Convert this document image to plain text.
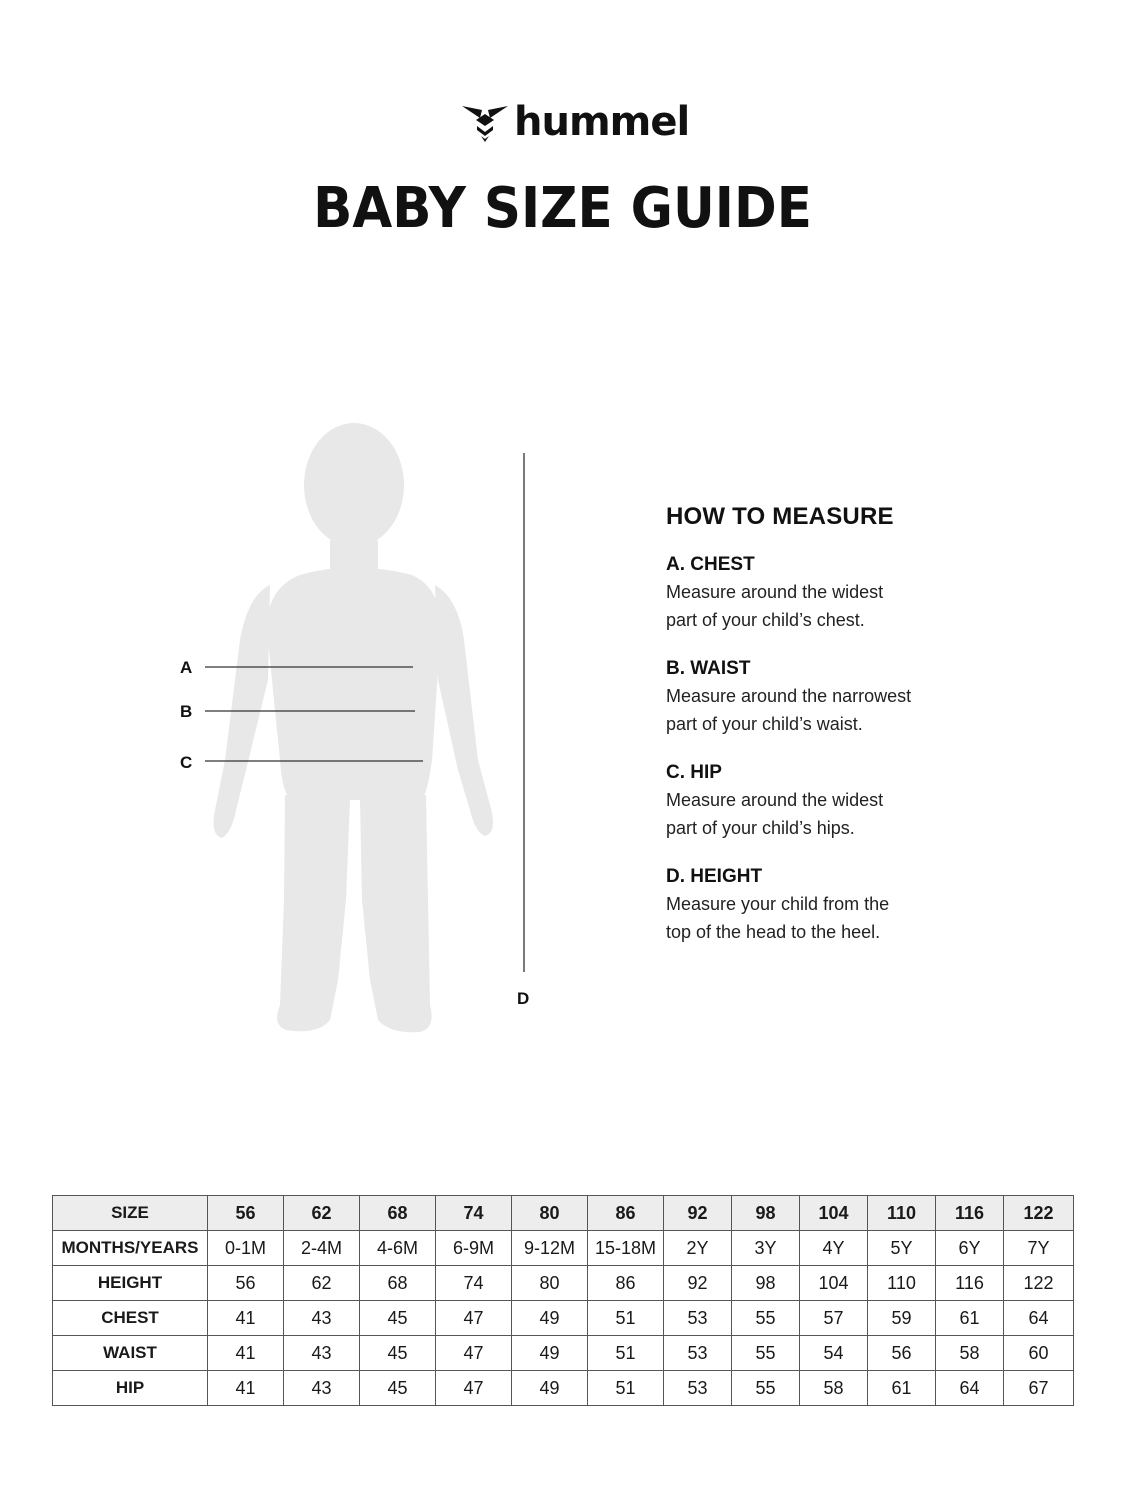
hummel
BABY SIZE GUIDE
A
B
C
D
HOW TO MEASURE
A. CHEST
Measure around the widest
part of your child’s chest.
B. WAIST
Measure around the narrowest
part of your child’s waist.
C. HIP
Measure around the widest
part of your child’s hips.
D. HEIGHT
Measure your child from the
top of the head to the heel.
SIZE	56	62	68	74	80	86	92	98	104	110	116	122
MONTHS/YEARS	0-1M	2-4M	4-6M	6-9M	9-12M	15-18M	2Y	3Y	4Y	5Y	6Y	7Y
HEIGHT	56	62	68	74	80	86	92	98	104	110	116	122
CHEST	41	43	45	47	49	51	53	55	57	59	61	64
WAIST	41	43	45	47	49	51	53	55	54	56	58	60
HIP	41	43	45	47	49	51	53	55	58	61	64	67
